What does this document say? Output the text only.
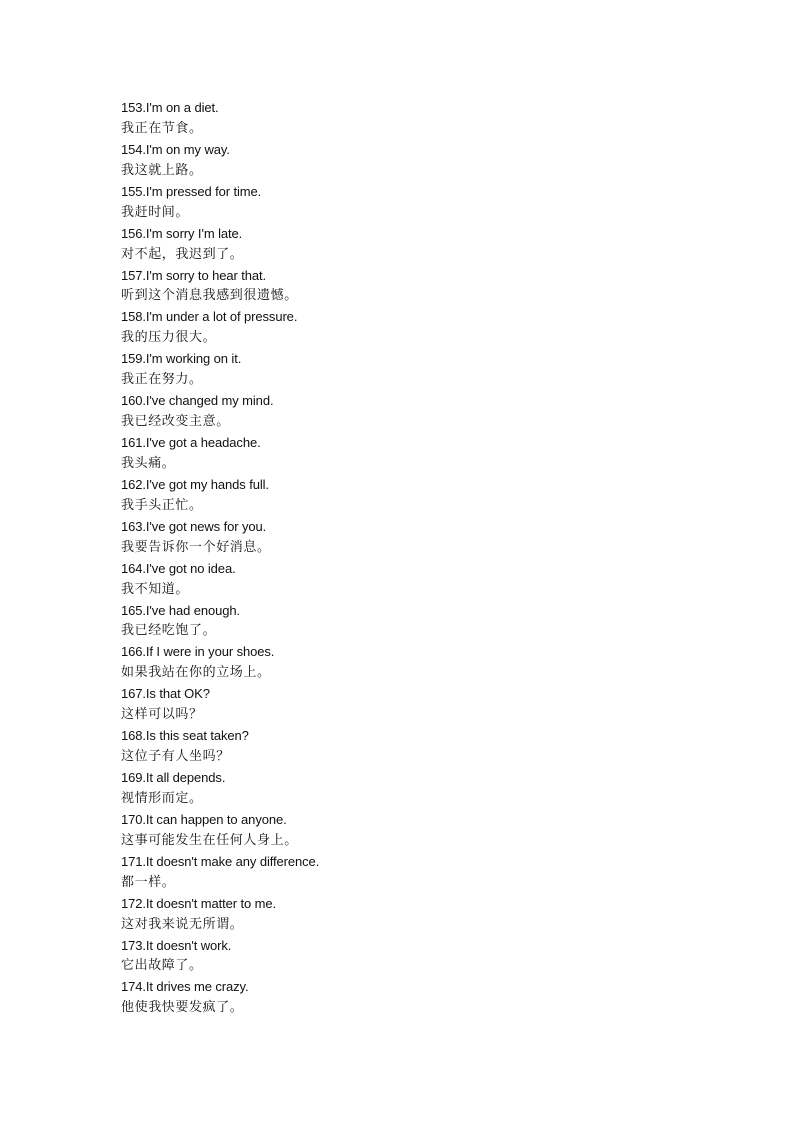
153.I'm on a diet.
我正在节食。
154.I'm on my way.
我这就上路。
155.I'm pressed for time.
我赶时间。
156.I'm sorry I'm late.
对不起，我迟到了。
157.I'm sorry to hear that.
听到这个消息我感到很遗憾。
158.I'm under a lot of pressure.
我的压力很大。
159.I'm working on it.
我正在努力。
160.I've changed my mind.
我已经改变主意。
161.I've got a headache.
我头痛。
162.I've got my hands full.
我手头正忙。
163.I've got news for you.
我要告诉你一个好消息。
164.I've got no idea.
我不知道。
165.I've had enough.
我已经吃饱了。
166.If I were in your shoes.
如果我站在你的立场上。
167.Is that OK?
这样可以吗？
168.Is this seat taken?
这位子有人坐吗？
169.It all depends.
视情形而定。
170.It can happen to anyone.
这事可能发生在任何人身上。
171.It doesn't make any difference.
都一样。
172.It doesn't matter to me.
这对我来说无所谓。
173.It doesn't work.
它出故障了。
174.It drives me crazy.
他使我快要发疯了。
